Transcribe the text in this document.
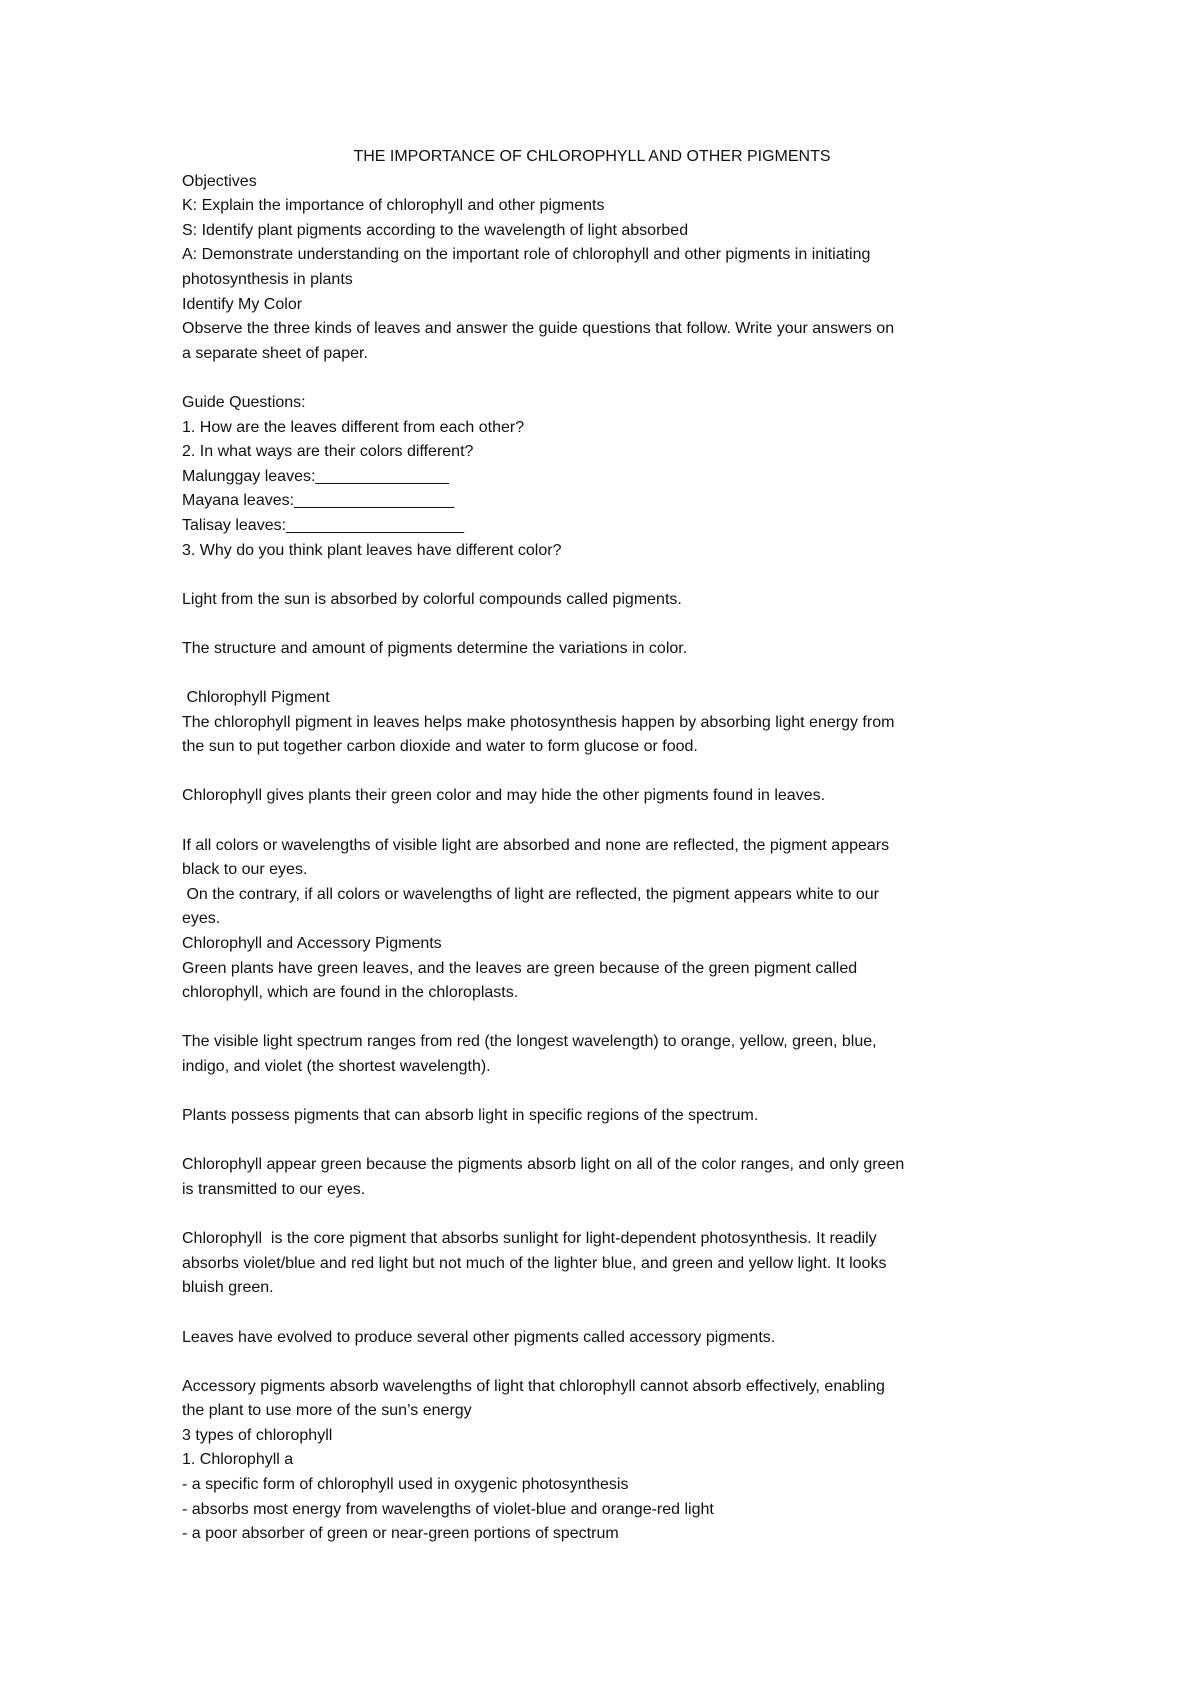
THE IMPORTANCE OF CHLOROPHYLL AND OTHER PIGMENTS
Objectives
K: Explain the importance of chlorophyll and other pigments
S: Identify plant pigments according to the wavelength of light absorbed
A: Demonstrate understanding on the important role of chlorophyll and other pigments in initiating
photosynthesis in plants
Identify My Color
Observe the three kinds of leaves and answer the guide questions that follow. Write your answers on
a separate sheet of paper.
Guide Questions:
1. How are the leaves different from each other?
2. In what ways are their colors different?
Malunggay leaves:_______________
Mayana leaves:__________________
Talisay leaves:____________________
3. Why do you think plant leaves have different color?
Light from the sun is absorbed by colorful compounds called pigments.
The structure and amount of pigments determine the variations in color.
Chlorophyll Pigment
The chlorophyll pigment in leaves helps make photosynthesis happen by absorbing light energy from
the sun to put together carbon dioxide and water to form glucose or food.
Chlorophyll gives plants their green color and may hide the other pigments found in leaves.
If all colors or wavelengths of visible light are absorbed and none are reflected, the pigment appears
black to our eyes.
On the contrary, if all colors or wavelengths of light are reflected, the pigment appears white to our
eyes.
Chlorophyll and Accessory Pigments
Green plants have green leaves, and the leaves are green because of the green pigment called
chlorophyll, which are found in the chloroplasts.
The visible light spectrum ranges from red (the longest wavelength) to orange, yellow, green, blue,
indigo, and violet (the shortest wavelength).
Plants possess pigments that can absorb light in specific regions of the spectrum.
Chlorophyll appear green because the pigments absorb light on all of the color ranges, and only green
is transmitted to our eyes.
Chlorophyll  is the core pigment that absorbs sunlight for light-dependent photosynthesis. It readily
absorbs violet/blue and red light but not much of the lighter blue, and green and yellow light. It looks
bluish green.
Leaves have evolved to produce several other pigments called accessory pigments.
Accessory pigments absorb wavelengths of light that chlorophyll cannot absorb effectively, enabling
the plant to use more of the sun’s energy
3 types of chlorophyll
1. Chlorophyll a
- a specific form of chlorophyll used in oxygenic photosynthesis
- absorbs most energy from wavelengths of violet-blue and orange-red light
- a poor absorber of green or near-green portions of spectrum
